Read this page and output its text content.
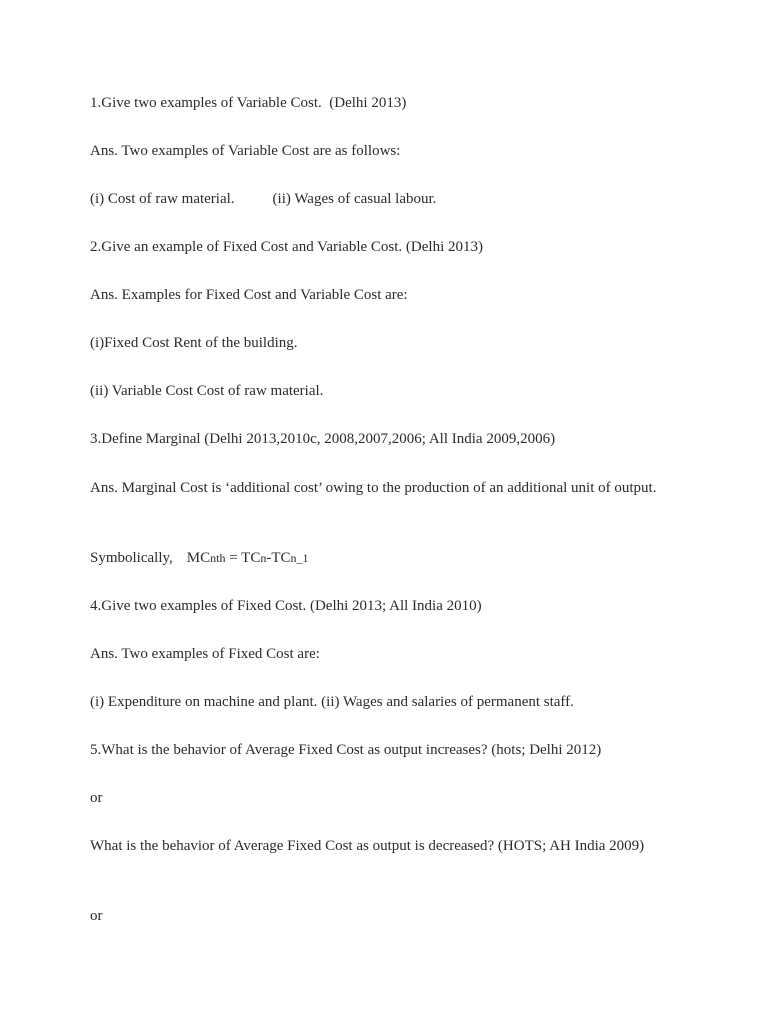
1.Give two examples of Variable Cost.  (Delhi 2013)
Ans. Two examples of Variable Cost are as follows:
(i) Cost of raw material.	(ii) Wages of casual labour.
2.Give an example of Fixed Cost and Variable Cost. (Delhi 2013)
Ans. Examples for Fixed Cost and Variable Cost are:
(i)Fixed Cost Rent of the building.
(ii) Variable Cost Cost of raw material.
3.Define Marginal (Delhi 2013,2010c, 2008,2007,2006; All India 2009,2006)
Ans. Marginal Cost is ‘additional cost’ owing to the production of an additional unit of output.
Symbolically, MCnth = TCn-TCn_1
4.Give two examples of Fixed Cost. (Delhi 2013; All India 2010)
Ans. Two examples of Fixed Cost are:
(i) Expenditure on machine and plant. (ii) Wages and salaries of permanent staff.
5.What is the behavior of Average Fixed Cost as output increases? (hots; Delhi 2012)
or
What is the behavior of Average Fixed Cost as output is decreased? (HOTS; AH India 2009)
or
